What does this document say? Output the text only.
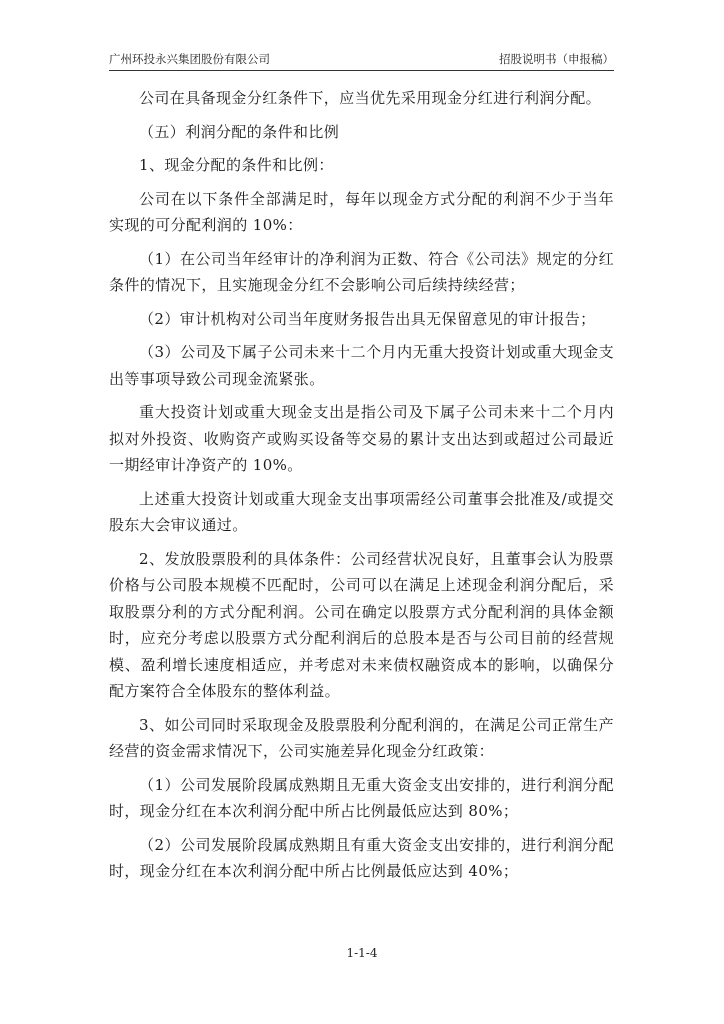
广州环投永兴集团股份有限公司	招股说明书（申报稿）

公司在具备现金分红条件下，应当优先采用现金分红进行利润分配。

（五）利润分配的条件和比例

1、现金分配的条件和比例：

公司在以下条件全部满足时，每年以现金方式分配的利润不少于当年实现的可分配利润的 10%：

（1）在公司当年经审计的净利润为正数、符合《公司法》规定的分红条件的情况下，且实施现金分红不会影响公司后续持续经营；

（2）审计机构对公司当年度财务报告出具无保留意见的审计报告；

（3）公司及下属子公司未来十二个月内无重大投资计划或重大现金支出等事项导致公司现金流紧张。

重大投资计划或重大现金支出是指公司及下属子公司未来十二个月内拟对外投资、收购资产或购买设备等交易的累计支出达到或超过公司最近一期经审计净资产的 10%。

上述重大投资计划或重大现金支出事项需经公司董事会批准及/或提交股东大会审议通过。

2、发放股票股利的具体条件：公司经营状况良好，且董事会认为股票价格与公司股本规模不匹配时，公司可以在满足上述现金利润分配后，采取股票分利的方式分配利润。公司在确定以股票方式分配利润的具体金额时，应充分考虑以股票方式分配利润后的总股本是否与公司目前的经营规模、盈利增长速度相适应，并考虑对未来债权融资成本的影响，以确保分配方案符合全体股东的整体利益。

3、如公司同时采取现金及股票股利分配利润的，在满足公司正常生产经营的资金需求情况下，公司实施差异化现金分红政策：

（1）公司发展阶段属成熟期且无重大资金支出安排的，进行利润分配时，现金分红在本次利润分配中所占比例最低应达到 80%；

（2）公司发展阶段属成熟期且有重大资金支出安排的，进行利润分配时，现金分红在本次利润分配中所占比例最低应达到 40%；

1-1-4
